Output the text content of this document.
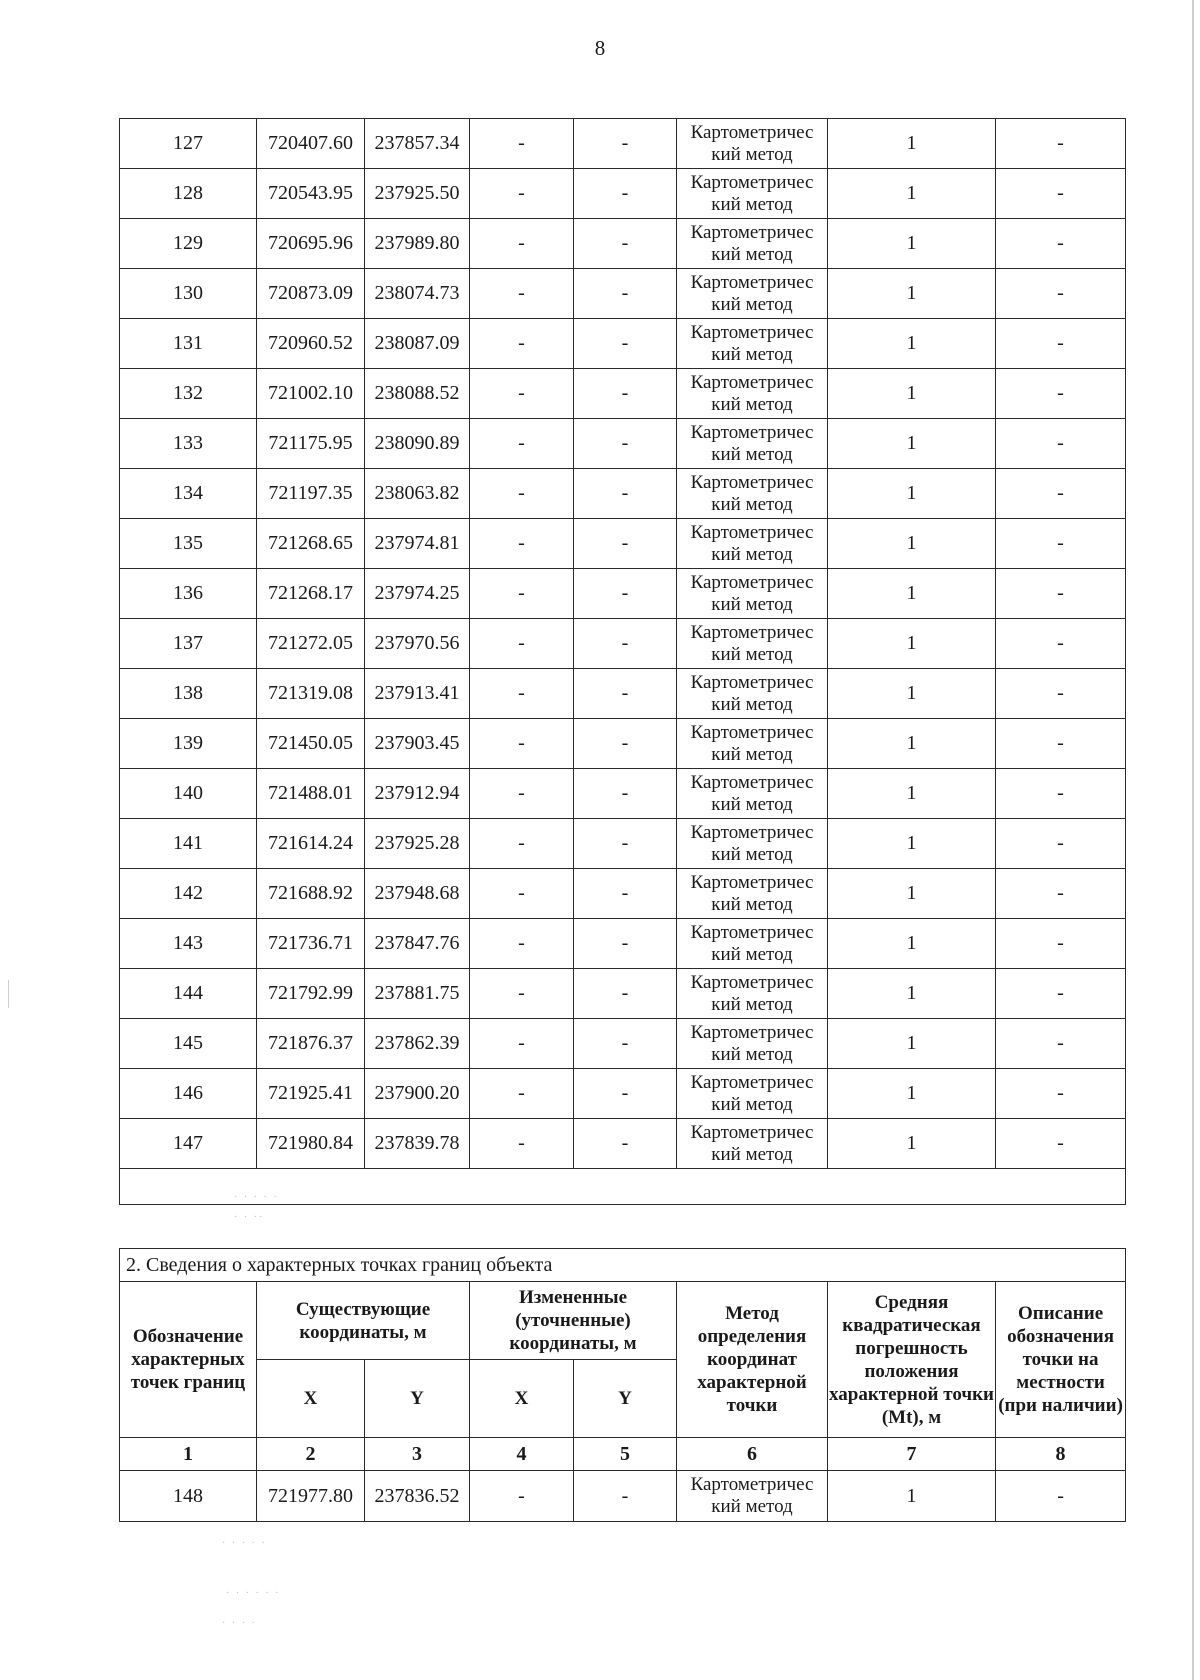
8
127	720407.60	237857.34	-	-	Картометричес кий метод	1	-
128	720543.95	237925.50	-	-	Картометричес кий метод	1	-
129	720695.96	237989.80	-	-	Картометричес кий метод	1	-
130	720873.09	238074.73	-	-	Картометричес кий метод	1	-
131	720960.52	238087.09	-	-	Картометричес кий метод	1	-
132	721002.10	238088.52	-	-	Картометричес кий метод	1	-
133	721175.95	238090.89	-	-	Картометричес кий метод	1	-
134	721197.35	238063.82	-	-	Картометричес кий метод	1	-
135	721268.65	237974.81	-	-	Картометричес кий метод	1	-
136	721268.17	237974.25	-	-	Картометричес кий метод	1	-
137	721272.05	237970.56	-	-	Картометричес кий метод	1	-
138	721319.08	237913.41	-	-	Картометричес кий метод	1	-
139	721450.05	237903.45	-	-	Картометричес кий метод	1	-
140	721488.01	237912.94	-	-	Картометричес кий метод	1	-
141	721614.24	237925.28	-	-	Картометричес кий метод	1	-
142	721688.92	237948.68	-	-	Картометричес кий метод	1	-
143	721736.71	237847.76	-	-	Картометричес кий метод	1	-
144	721792.99	237881.75	-	-	Картометричес кий метод	1	-
145	721876.37	237862.39	-	-	Картометричес кий метод	1	-
146	721925.41	237900.20	-	-	Картометричес кий метод	1	-
147	721980.84	237839.78	-	-	Картометричес кий метод	1	-

2. Сведения о характерных точках границ объекта							
Обозначение характерных точек границ	Существующие координаты, м		Измененные (уточненные) координаты, м		Метод определения координат характерной точки	Средняя квадратическая погрешность положения характерной точки (Mt), м	Описание обозначения точки на местности (при наличии)
	X	Y	X	Y			
1	2	3	4	5	6	7	8
148	721977.80	237836.52	-	-	Картометричес кий метод	1	-
· · · · ·
· · ··
· · · · ·
· · · · · ·
· · · ·
